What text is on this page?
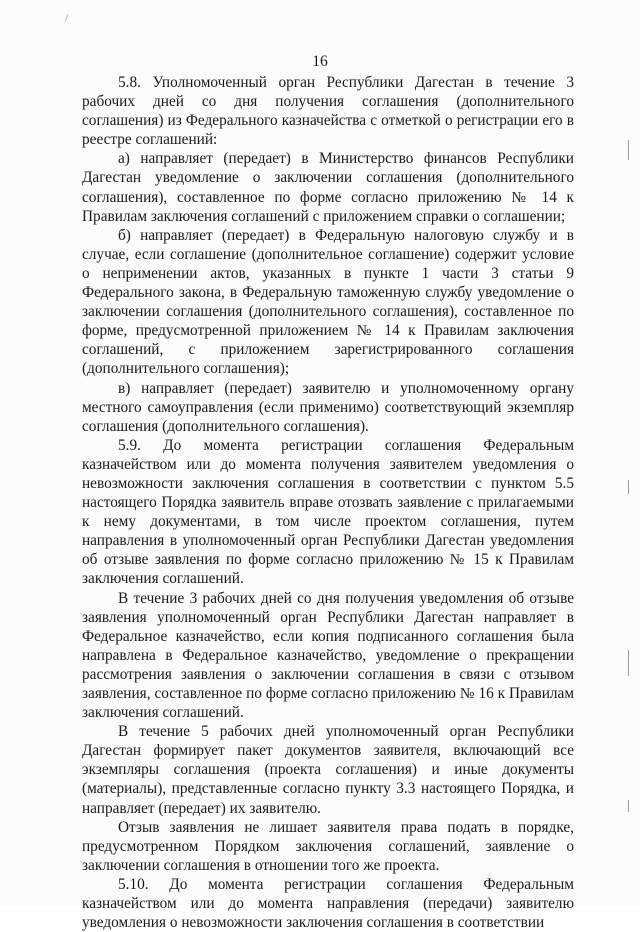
16

5.8. Уполномоченный орган Республики Дагестан в течение 3 рабочих дней со дня получения соглашения (дополнительного соглашения) из Федерального казначейства с отметкой о регистрации его в реестре соглашений:

а) направляет (передает) в Министерство финансов Республики Дагестан уведомление о заключении соглашения (дополнительного соглашения), составленное по форме согласно приложению № 14 к Правилам заключения соглашений с приложением справки о соглашении;

б) направляет (передает) в Федеральную налоговую службу и в случае, если соглашение (дополнительное соглашение) содержит условие о неприменении актов, указанных в пункте 1 части 3 статьи 9 Федерального закона, в Федеральную таможенную службу уведомление о заключении соглашения (дополнительного соглашения), составленное по форме, предусмотренной приложением № 14 к Правилам заключения соглашений, с приложением зарегистрированного соглашения (дополнительного соглашения);

в) направляет (передает) заявителю и уполномоченному органу местного самоуправления (если применимо) соответствующий экземпляр соглашения (дополнительного соглашения).

5.9. До момента регистрации соглашения Федеральным казначейством или до момента получения заявителем уведомления о невозможности заключения соглашения в соответствии с пунктом 5.5 настоящего Порядка заявитель вправе отозвать заявление с прилагаемыми к нему документами, в том числе проектом соглашения, путем направления в уполномоченный орган Республики Дагестан уведомления об отзыве заявления по форме согласно приложению № 15 к Правилам заключения соглашений.

В течение 3 рабочих дней со дня получения уведомления об отзыве заявления уполномоченный орган Республики Дагестан направляет в Федеральное казначейство, если копия подписанного соглашения была направлена в Федеральное казначейство, уведомление о прекращении рассмотрения заявления о заключении соглашения в связи с отзывом заявления, составленное по форме согласно приложению № 16 к Правилам заключения соглашений.

В течение 5 рабочих дней уполномоченный орган Республики Дагестан формирует пакет документов заявителя, включающий все экземпляры соглашения (проекта соглашения) и иные документы (материалы), представленные согласно пункту 3.3 настоящего Порядка, и направляет (передает) их заявителю.

Отзыв заявления не лишает заявителя права подать в порядке, предусмотренном Порядком заключения соглашений, заявление о заключении соглашения в отношении того же проекта.

5.10. До момента регистрации соглашения Федеральным казначейством или до момента направления (передачи) заявителю уведомления о невозможности заключения соглашения в соответствии
